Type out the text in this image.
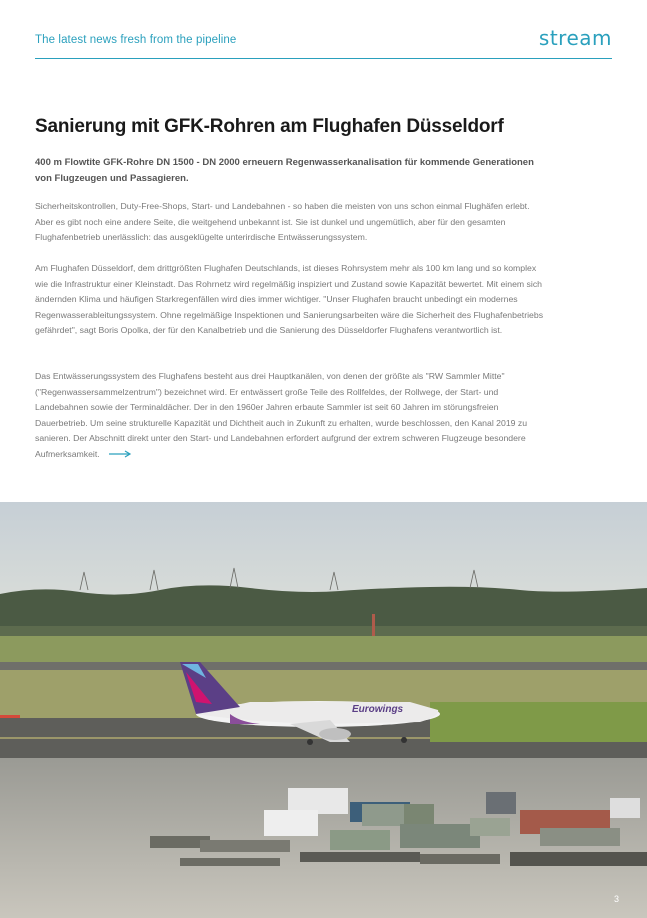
The latest news fresh from the pipeline	stream
Sanierung mit GFK-Rohren am Flughafen Düsseldorf

400 m Flowtite GFK-Rohre DN 1500 - DN 2000 erneuern Regenwasserkanalisation für kommende Generationen von Flugzeugen und Passagieren.

Sicherheitskontrollen, Duty-Free-Shops, Start- und Landebahnen - so haben die meisten von uns schon einmal Flughäfen erlebt. Aber es gibt noch eine andere Seite, die weitgehend unbekannt ist. Sie ist dunkel und ungemütlich, aber für den gesamten Flughafenbetrieb unerlässlich: das ausgeklügelte unterirdische Entwässerungssystem.

Am Flughafen Düsseldorf, dem drittgrößten Flughafen Deutschlands, ist dieses Rohrsystem mehr als 100 km lang und so komplex wie die Infrastruktur einer Kleinstadt. Das Rohrnetz wird regelmäßig inspiziert und Zustand sowie Kapazität bewertet. Mit einem sich ändernden Klima und häufigen Starkregenfällen wird dies immer wichtiger. "Unser Flughafen braucht unbedingt ein modernes Regenwasserableitungssystem. Ohne regelmäßige Inspektionen und Sanierungsarbeiten wäre die Sicherheit des Flughafenbetriebs gefährdet", sagt Boris Opolka, der für den Kanalbetrieb und die Sanierung des Düsseldorfer Flughafens verantwortlich ist.

Das Entwässerungssystem des Flughafens besteht aus drei Hauptkanälen, von denen der größte als "RW Sammler Mitte" ("Regenwassersammelzentrum") bezeichnet wird. Er entwässert große Teile des Rollfeldes, der Rollwege, der Start- und Landebahnen sowie der Terminaldächer. Der in den 1960er Jahren erbaute Sammler ist seit 60 Jahren im störungsfreien Dauerbetrieb. Um seine strukturelle Kapazität und Dichtheit auch in Zukunft zu erhalten, wurde beschlossen, den Kanal 2019 zu sanieren. Der Abschnitt direkt unter den Start- und Landebahnen erfordert aufgrund der extrem schweren Flugzeuge besondere Aufmerksamkeit.

Eurowings
3
